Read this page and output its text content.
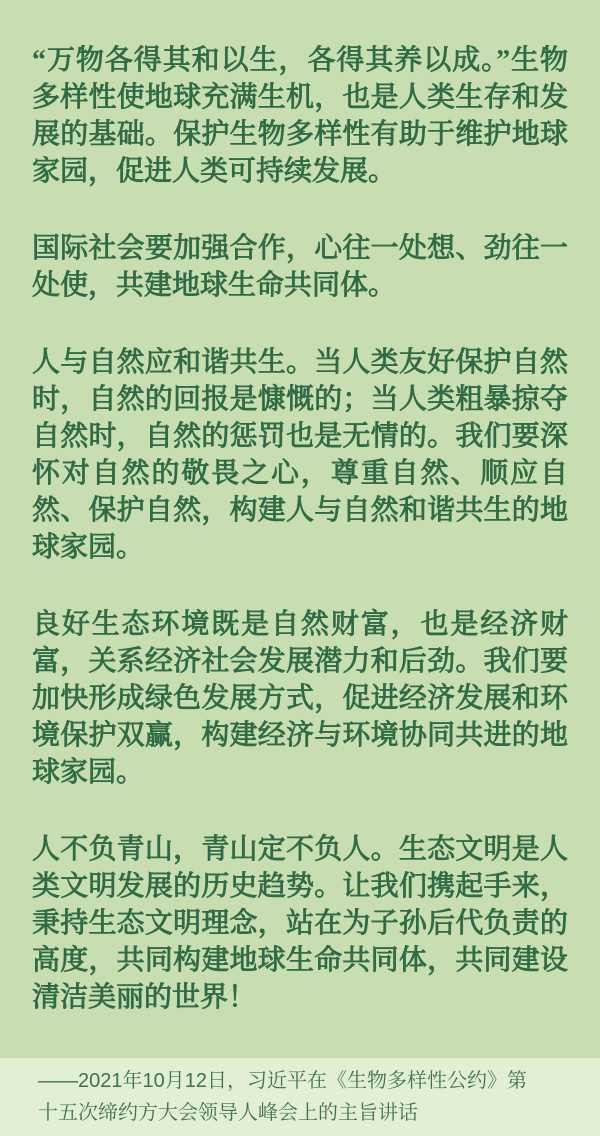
“万物各得其和以生，各得其养以成。”生物多样性使地球充满生机，也是人类生存和发展的基础。保护生物多样性有助于维护地球家园，促进人类可持续发展。

国际社会要加强合作，心往一处想、劲往一处使，共建地球生命共同体。

人与自然应和谐共生。当人类友好保护自然时，自然的回报是慷慨的；当人类粗暴掠夺自然时，自然的惩罚也是无情的。我们要深怀对自然的敬畏之心，尊重自然、顺应自然、保护自然，构建人与自然和谐共生的地球家园。

良好生态环境既是自然财富，也是经济财富，关系经济社会发展潜力和后劲。我们要加快形成绿色发展方式，促进经济发展和环境保护双赢，构建经济与环境协同共进的地球家园。

人不负青山，青山定不负人。生态文明是人类文明发展的历史趋势。让我们携起手来，秉持生态文明理念，站在为子孙后代负责的高度，共同构建地球生命共同体，共同建设清洁美丽的世界！

——2021年10月12日，习近平在《生物多样性公约》第
十五次缔约方大会领导人峰会上的主旨讲话
